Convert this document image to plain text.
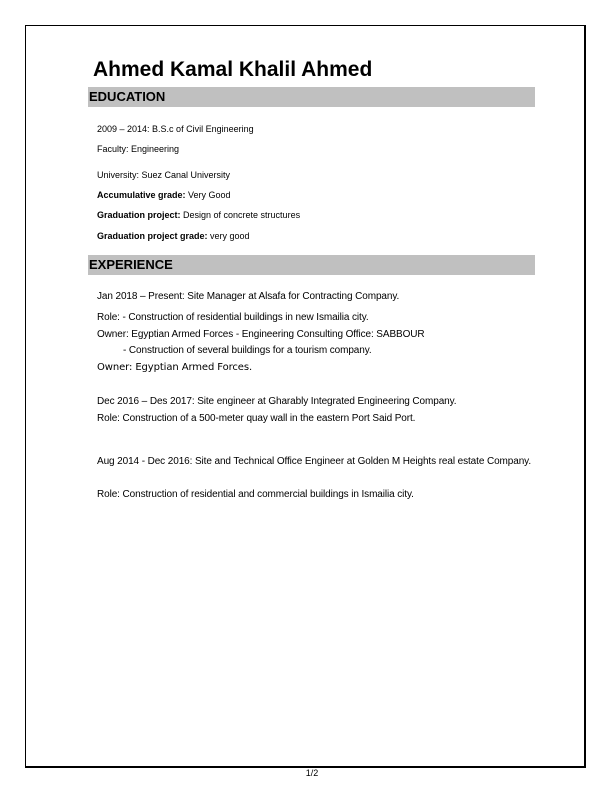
Ahmed Kamal Khalil Ahmed
EDUCATION
2009 – 2014: B.S.c of Civil Engineering
Faculty: Engineering
University: Suez Canal University
Accumulative grade: Very Good
Graduation project: Design of concrete structures
Graduation project grade: very good
EXPERIENCE
Jan 2018 – Present: Site Manager at Alsafa for Contracting Company.
Role: - Construction of residential buildings in new Ismailia city.
Owner: Egyptian Armed Forces - Engineering Consulting Office: SABBOUR
- Construction of several buildings for a tourism company.
Owner: Egyptian Armed Forces.
Dec 2016 – Des 2017: Site engineer at Gharably Integrated Engineering Company.
Role: Construction of a 500-meter quay wall in the eastern Port Said Port.
Aug 2014 - Dec 2016: Site and Technical Office Engineer at Golden M Heights real estate Company.
Role: Construction of residential and commercial buildings in Ismailia city.
1/2
